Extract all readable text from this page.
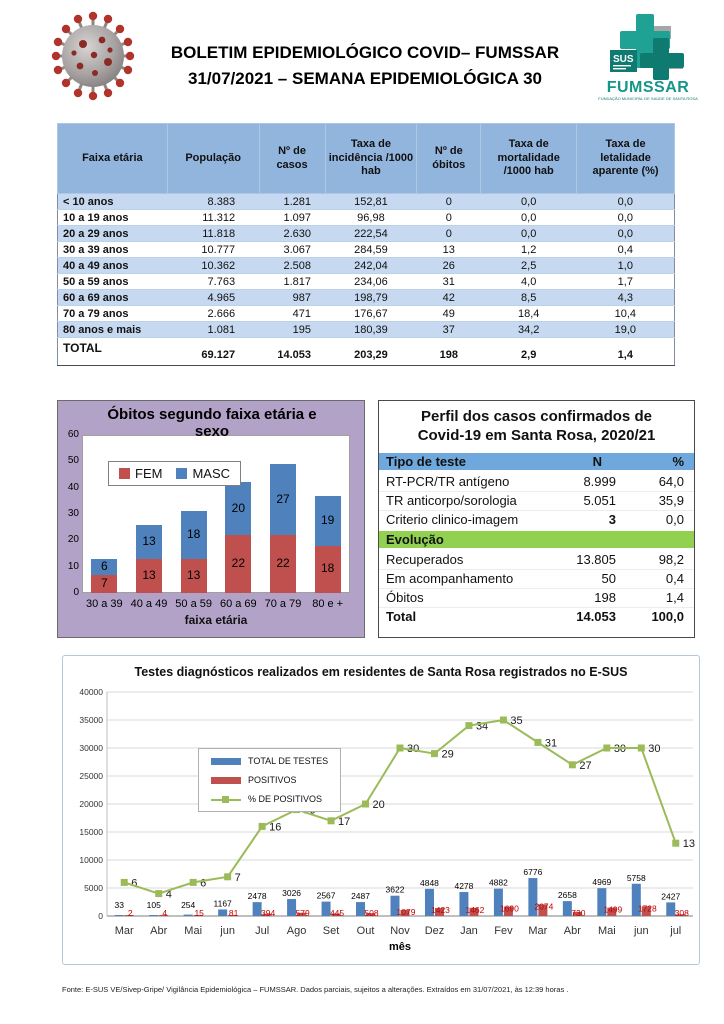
BOLETIM EPIDEMIOLÓGICO COVID– FUMSSAR
31/07/2021 – SEMANA EPIDEMIOLÓGICA 30
SUS
FUMSSAR
FUNDAÇÃO MUNICIPAL DE SAÚDE DE SANTA ROSA
Faixa etária	População	Nº de casos	Taxa de incidência /1000 hab	Nº de óbitos	Taxa de mortalidade /1000 hab	Taxa de letalidade aparente (%)
< 10 anos	8.383	1.281	152,81	0	0,0	0,0
10 a 19 anos	11.312	1.097	96,98	0	0,0	0,0
20 a 29 anos	11.818	2.630	222,54	0	0,0	0,0
30 a 39 anos	10.777	3.067	284,59	13	1,2	0,4
40 a 49 anos	10.362	2.508	242,04	26	2,5	1,0
50 a 59 anos	7.763	1.817	234,06	31	4,0	1,7
60 a 69 anos	4.965	987	198,79	42	8,5	4,3
70 a 79 anos	2.666	471	176,67	49	18,4	10,4
80 anos e mais	1.081	195	180,39	37	34,2	19,0
TOTAL	69.127	14.053	203,29	198	2,9	1,4
Óbitos segundo faixa etária e sexo
FEM MASC
faixa etária
0
10
20
30
40
50
60
6
7
30 a 39
13
13
40 a 49
18
13
50 a 59
20
22
60 a 69
27
22
70 a 79
19
18
80 e +
Perfil dos casos confirmados de
Covid-19 em Santa Rosa, 2020/21
Tipo de teste	N	%
RT-PCR/TR antígeno	8.999	64,0
TR anticorpo/sorologia	5.051	35,9
Criterio clinico-imagem	3	0,0
Evolução
Recuperados	13.805	98,2
Em acompanhamento	50	0,4
Óbitos	198	1,4
Total	14.053	100,0
Testes diagnósticos realizados em residentes de Santa Rosa registrados no E-SUS
0
5000
10000
15000
20000
25000
30000
35000
40000
33
2
6
Mar
105
4
4
Abr
254
15
6
Mai
1167
81
7
jun
2478
394
16
Jul
3026
579
Ago
2567
445
17
Set
2487
508
20
Out
3622
1079
30
Nov
4848
1423
29
Dez
4278
1462
34
Jan
4882
1690
35
Fev
6776
2074
31
Mar
2658
730
27
Abr
4969
1499
30
Mai
5758
1728
30
jun
2427
308
13
jul
mês
TOTAL DE TESTES
POSITIVOS
% DE POSITIVOS
Fonte: E-SUS VE/Sivep-Gripe/ Vigilância Epidemiológica – FUMSSAR. Dados parciais, sujeitos a alterações. Extraídos em 31/07/2021, às 12:39 horas .
